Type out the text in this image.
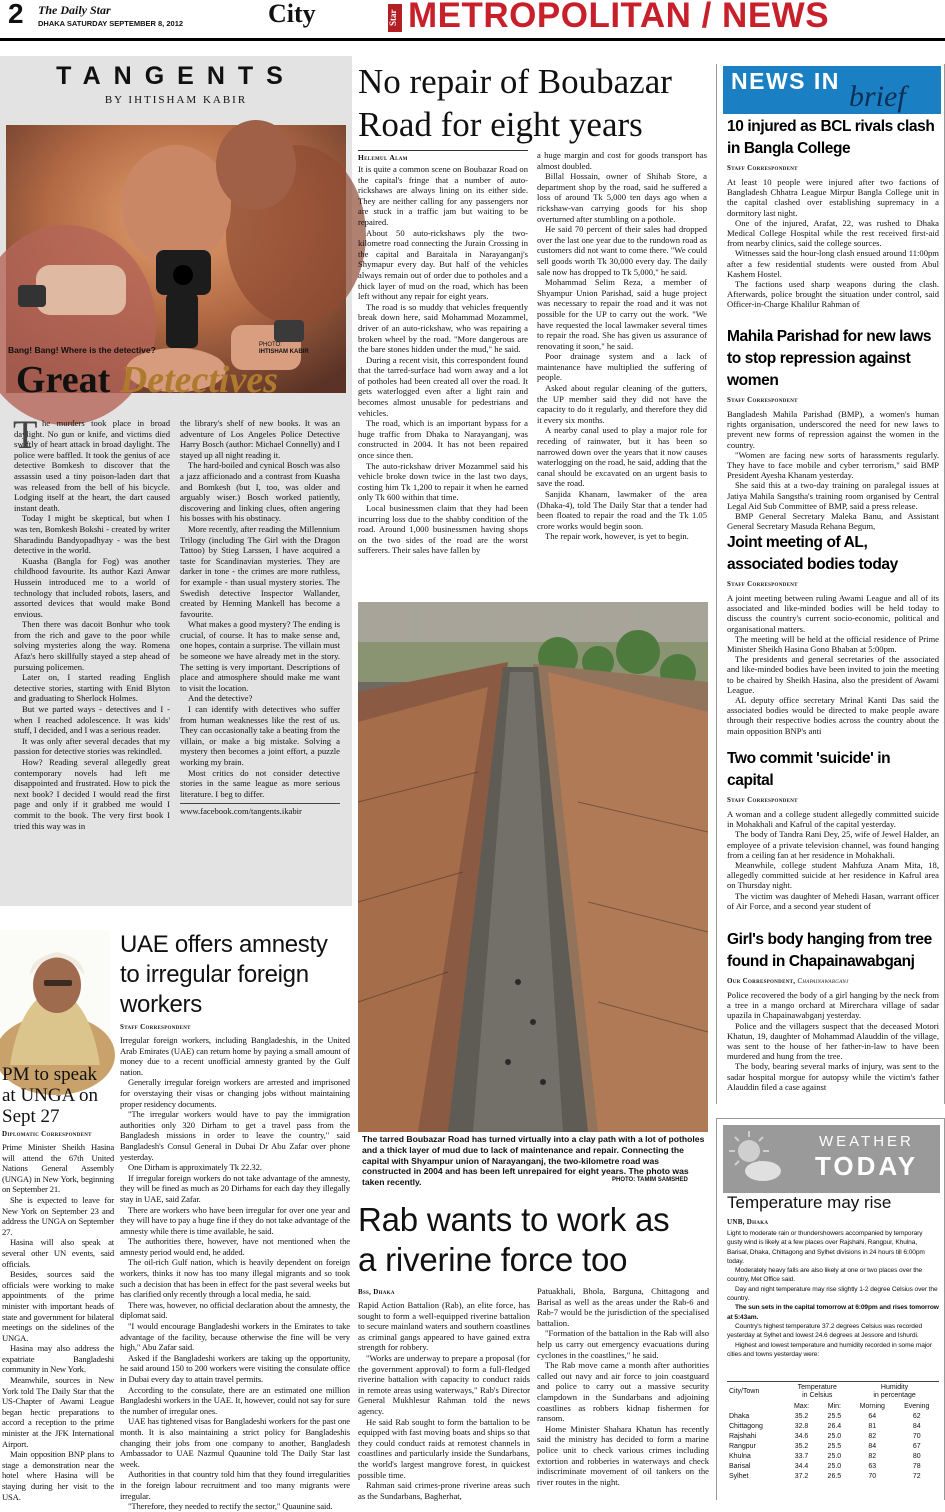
2 The Daily Star
DHAKA SATURDAY SEPTEMBER 8, 2012	City	Star METROPOLITAN / NEWS
TANGENTS
BY IHTISHAM KABIR
Bang! Bang! Where is the detective?	PHOTO:
IHTISHAM KABIR
Great Detectives
T he murders took place in broad daylight. No gun or knife, and victims died swiftly of heart attack in broad daylight. The police were baffled. It took the genius of ace detective Bomkesh to discover that the assassin used a tiny poison-laden dart that was released from the bell of his bicycle. Lodging itself at the heart, the dart caused instant death.

Today I might be skeptical, but when I was ten, Bomkesh Bokshi - created by writer Sharadindu Bandyopadhyay - was the best detective in the world.

Kuasha (Bangla for Fog) was another childhood favourite. Its author Kazi Anwar Hussein introduced me to a world of technology that included robots, lasers, and assorted devices that would make Bond envious.

Then there was dacoit Bonhur who took from the rich and gave to the poor while solving mysteries along the way. Romena Afaz's hero skillfully stayed a step ahead of pursuing policemen.

Later on, I started reading English detective stories, starting with Enid Blyton and graduating to Sherlock Holmes.

But we parted ways - detectives and I - when I reached adolescence. It was kids' stuff, I decided, and I was a serious reader.

It was only after several decades that my passion for detective stories was rekindled.

How? Reading several allegedly great contemporary novels had left me disappointed and frustrated. How to pick the next book? I decided I would read the first page and only if it grabbed me would I commit to the book. The very first book I tried this way was in

the library's shelf of new books. It was an adventure of Los Angeles Police Detective Harry Bosch (author: Michael Connelly) and I stayed up all night reading it.

The hard-boiled and cynical Bosch was also a jazz afficionado and a contrast from Kuasha and Bomkesh (but I, too, was older and arguably wiser.) Bosch worked patiently, discovering and linking clues, often angering his bosses with his obstinacy.

More recently, after reading the Millennium Trilogy (including The Girl with the Dragon Tattoo) by Stieg Larssen, I have acquired a taste for Scandinavian mysteries. They are darker in tone - the crimes are more ruthless, for example - than usual mystery stories. The Swedish detective Inspector Wallander, created by Henning Mankell has become a favourite.

What makes a good mystery? The ending is crucial, of course. It has to make sense and, one hopes, contain a surprise. The villain must be someone we have already met in the story. The setting is very important. Descriptions of place and atmosphere should make me want to visit the location.

And the detective?

I can identify with detectives who suffer from human weaknesses like the rest of us. They can occasionally take a beating from the villain, or make a big mistake. Solving a mystery then becomes a joint effort, a puzzle working my brain.

Most critics do not consider detective stories in the same league as more serious literature. I beg to differ.

www.facebook.com/tangents.ikabir

No repair of Boubazar
Road for eight years
Helemul Alam

It is quite a common scene on Boubazar Road on the capital's fringe that a number of auto-rickshaws are always lining on its either side. They are neither calling for any passengers nor are stuck in a traffic jam but waiting to be repaired.

About 50 auto-rickshaws ply the two-kilometre road connecting the Jurain Crossing in the capital and Baraitala in Narayanganj's Shymapur every day. But half of the vehicles always remain out of order due to potholes and a thick layer of mud on the road, which has been left without any repair for eight years.

The road is so muddy that vehicles frequently break down here, said Mohammad Mozammel, driver of an auto-rickshaw, who was repairing a broken wheel by the road. "More dangerous are the bare stones hidden under the mud," he said.

During a recent visit, this correspondent found that the tarred-surface had worn away and a lot of potholes had been created all over the road. It gets waterlogged even after a light rain and becomes almost unusable for pedestrians and vehicles.

The road, which is an important bypass for a huge traffic from Dhaka to Narayanganj, was constructed in 2004. It has not been repaired once since then.

The auto-rickshaw driver Mozammel said his vehicle broke down twice in the last two days, costing him Tk 1,200 to repair it when he earned only Tk 600 within that time.

Local businessmen claim that they had been incurring loss due to the shabby condition of the road. Around 1,000 businessmen having shops on the two sides of the road are the worst sufferers. Their sales have fallen by

a huge margin and cost for goods transport has almost doubled.

Billal Hossain, owner of Shihab Store, a department shop by the road, said he suffered a loss of around Tk 5,000 ten days ago when a rickshaw-van carrying goods for his shop overturned after stumbling on a pothole.

He said 70 percent of their sales had dropped over the last one year due to the rundown road as customers did not want to come there. "We could sell goods worth Tk 30,000 every day. The daily sale now has dropped to Tk 5,000," he said.

Mohammad Selim Reza, a member of Shyampur Union Parishad, said a huge project was necessary to repair the road and it was not possible for the UP to carry out the work. "We have requested the local lawmaker several times to repair the road. She has given us assurance of renovating it soon," he said.

Poor drainage system and a lack of maintenance have multiplied the suffering of people.

Asked about regular cleaning of the gutters, the UP member said they did not have the capacity to do it regularly, and therefore they did it every six months.

A nearby canal used to play a major role for receding of rainwater, but it has been so narrowed down over the years that it now causes waterlogging on the road, he said, adding that the canal should be excavated on an urgent basis to save the road.

Sanjida Khanam, lawmaker of the area (Dhaka-4), told The Daily Star that a tender had been floated to repair the road and the Tk 1.05 crore works would begin soon.

The repair work, however, is yet to begin.

The tarred Boubazar Road has turned virtually into a clay path with a lot of potholes and a thick layer of mud due to lack of maintenance and repair. Connecting the capital with Shyampur union of Narayanganj, the two-kilometre road was constructed in 2004 and has been left unrepaired for eight years. The photo was taken recently.	PHOTO: TAMIM SAMSHED
PM to speak at UNGA on Sept 27
Diplomatic Correspondent

Prime Minister Sheikh Hasina will attend the 67th United Nations General Assembly (UNGA) in New York, beginning on September 21.

She is expected to leave for New York on September 23 and address the UNGA on September 27.

Hasina will also speak at several other UN events, said officials.

Besides, sources said the officials were working to make appointments of the prime minister with important heads of state and government for bilateral meetings on the sidelines of the UNGA.

Hasina may also address the expatriate Bangladeshi community in New York.

Meanwhile, sources in New York told The Daily Star that the US-Chapter of Awami League began hectic preparations to accord a reception to the prime minister at the JFK International Airport.

Main opposition BNP plans to stage a demonstration near the hotel where Hasina will be staying during her visit to the USA.

UAE offers amnesty to irregular foreign workers
Staff Correspondent

Irregular foreign workers, including Bangladeshis, in the United Arab Emirates (UAE) can return home by paying a small amount of money due to a recent unofficial amnesty granted by the Gulf nation.

Generally irregular foreign workers are arrested and imprisoned for overstaying their visas or changing jobs without maintaining proper residency documents.

"The irregular workers would have to pay the immigration authorities only 320 Dirham to get a travel pass from the Bangladesh missions in order to leave the country," said Bangladesh's Consul General in Dubai Dr Abu Zafar over phone yesterday.

One Dirham is approximately Tk 22.32.

If irregular foreign workers do not take advantage of the amnesty, they will be fined as much as 20 Dirhams for each day they illegally stay in UAE, said Zafar.

There are workers who have been irregular for over one year and they will have to pay a huge fine if they do not take advantage of the amnesty while there is time available, he said.

The authorities there, however, have not mentioned when the amnesty period would end, he added.

The oil-rich Gulf nation, which is heavily dependent on foreign workers, thinks it now has too many illegal migrants and so took such a decision that has been in effect for the past several weeks but has clarified only recently through a local media, he said.

There was, however, no official declaration about the amnesty, the diplomat said.

"I would encourage Bangladeshi workers in the Emirates to take advantage of the facility, because otherwise the fine will be very high," Abu Zafar said.

Asked if the Bangladeshi workers are taking up the opportunity, he said around 150 to 200 workers were visiting the consulate office in Dubai every day to attain travel permits.

According to the consulate, there are an estimated one million Bangladeshi workers in the UAE. It, however, could not say for sure the number of irregular ones.

UAE has tightened visas for Bangladeshi workers for the past one month. It is also maintaining a strict policy for Bangladeshis changing their jobs from one company to another, Bangladesh Ambassador to UAE Nazmul Quaunine told The Daily Star last week.

Authorities in that country told him that they found irregularities in the foreign labour recruitment and too many migrants were irregular.

"Therefore, they needed to rectify the sector," Quaunine said.

Rab wants to work as
a riverine force too
Bss, Dhaka

Rapid Action Battalion (Rab), an elite force, has sought to form a well-equipped riverine battalion to secure mainland waters and southern coastlines as criminal gangs appeared to have gained extra strength for robbery.

"Works are underway to prepare a proposal (for the government approval) to form a full-fledged riverine battalion with capacity to conduct raids in remote areas using waterways," Rab's Director General Mukhlesur Rahman told the news agency.

He said Rab sought to form the battalion to be equipped with fast moving boats and ships so that they could conduct raids at remotest channels in coastlines and particularly inside the Sundarbans, the world's largest mangrove forest, in quickest possible time.

Rahman said crimes-prone riverine areas such as the Sundarbans, Bagherhat,

Patuakhali, Bhola, Barguna, Chittagong and Barisal as well as the areas under the Rab-6 and Rab-7 would be the jurisdiction of the specialised battalion.

"Formation of the battalion in the Rab will also help us carry out emergency evacuations during cyclones in the coastlines," he said.

The Rab move came a month after authorities called out navy and air force to join coastguard and police to carry out a massive security clampdown in the Sundarbans and adjoining coastlines as robbers kidnap fishermen for ransom.

Home Minister Shahara Khatun has recently said the ministry has decided to form a marine police unit to check various crimes including extortion and robberies in waterways and check indiscriminate movement of oil tankers on the river routes in the night.

NEWS IN brief
10 injured as BCL rivals clash in Bangla College
Staff Correspondent

At least 10 people were injured after two factions of Bangladesh Chhatra League Mirpur Bangla College unit in the capital clashed over establishing supremacy in a dormitory last night.

One of the injured, Arafat, 22, was rushed to Dhaka Medical College Hospital while the rest received first-aid from nearby clinics, said the college sources.

Witnesses said the hour-long clash ensued around 11:00pm after a few residential students were ousted from Abul Kashem Hostel.

The factions used sharp weapons during the clash. Afterwards, police brought the situation under control, said Officer-in-Charge Khalilur Rahman of

Mahila Parishad for new laws to stop repression against women
Staff Correspondent

Bangladesh Mahila Parishad (BMP), a women's human rights organisation, underscored the need for new laws to prevent new forms of repression against the women in the country.

"Women are facing new sorts of harassments regularly. They have to face mobile and cyber terrorism," said BMP President Ayesha Khanam yesterday.

She said this at a two-day training on paralegal issues at Jatiya Mahila Sangstha's training room organised by Central Legal Aid Sub Committee of BMP, said a press release.

BMP General Secretary Maleka Banu, and Assistant General Secretary Masuda Rehana Begum,

Joint meeting of AL, associated bodies today
Staff Correspondent

A joint meeting between ruling Awami League and all of its associated and like-minded bodies will be held today to discuss the country's current socio-economic, political and organisational matters.

The meeting will be held at the official residence of Prime Minister Sheikh Hasina Gono Bhaban at 5:00pm.

The presidents and general secretaries of the associated and like-minded bodies have been invited to join the meeting to be chaired by Sheikh Hasina, also the president of Awami League.

AL deputy office secretary Mrinal Kanti Das said the associated bodies would be directed to make people aware through their respective bodies across the country about the main opposition BNP's anti

Two commit 'suicide' in capital
Staff Correspondent

A woman and a college student allegedly committed suicide in Mohakhali and Kafrul of the capital yesterday.

The body of Tandra Rani Dey, 25, wife of Jewel Halder, an employee of a private television channel, was found hanging from a ceiling fan at her residence in Mohakhali.

Meanwhile, college student Mahfuza Anam Mita, 18, allegedly committed suicide at her residence in Kafrul area on Thursday night.

The victim was daughter of Mehedi Hasan, warrant officer of Air Force, and a second year student of

Girl's body hanging from tree found in Chapainawabganj
Our Correspondent, Chapainawabganj

Police recovered the body of a girl hanging by the neck from a tree in a mango orchard at Mirerchara village of sadar upazila in Chapainawabganj yesterday.

Police and the villagers suspect that the deceased Motori Khatun, 19, daughter of Mohammad Alauddin of the village, was sent to the house of her father-in-law to have been murdered and hung from the tree.

The body, bearing several marks of injury, was sent to the sadar hospital morgue for autopsy while the victim's father Alauddin filed a case against

WEATHER
TODAY
Temperature may rise
UNB, Dhaka

Light to moderate rain or thundershowers accompanied by temporary gusty wind is likely at a few places over Rajshahi, Rangpur, Khulna, Barisal, Dhaka, Chittagong and Sylhet divisions in 24 hours till 6:00pm today.

Moderately heavy falls are also likely at one or two places over the country, Met Office said.

Day and night temperature may rise slightly 1-2 degree Celsius over the country.

The sun sets in the capital tomorrow at 6:09pm and rises tomorrow at 5:43am.

Country's highest temperature 37.2 degrees Celsius was recorded yesterday at Sylhet and lowest 24.6 degrees at Jessore and Ishurdi.

Highest and lowest temperature and humidity recorded in some major cities and towns yesterday were:

City/Town	Temperature
in Celsius		Humidity
in percentage	
	Max:	Min:	Morning	Evening
Dhaka	35.2	25.5	64	62
Chittagong	32.8	26.4	81	84
Rajshahi	34.6	25.0	82	70
Rangpur	35.2	25.5	84	67
Khulna	33.7	25.0	82	80
Barisal	34.4	25.0	63	78
Sylhet	37.2	26.5	70	72
